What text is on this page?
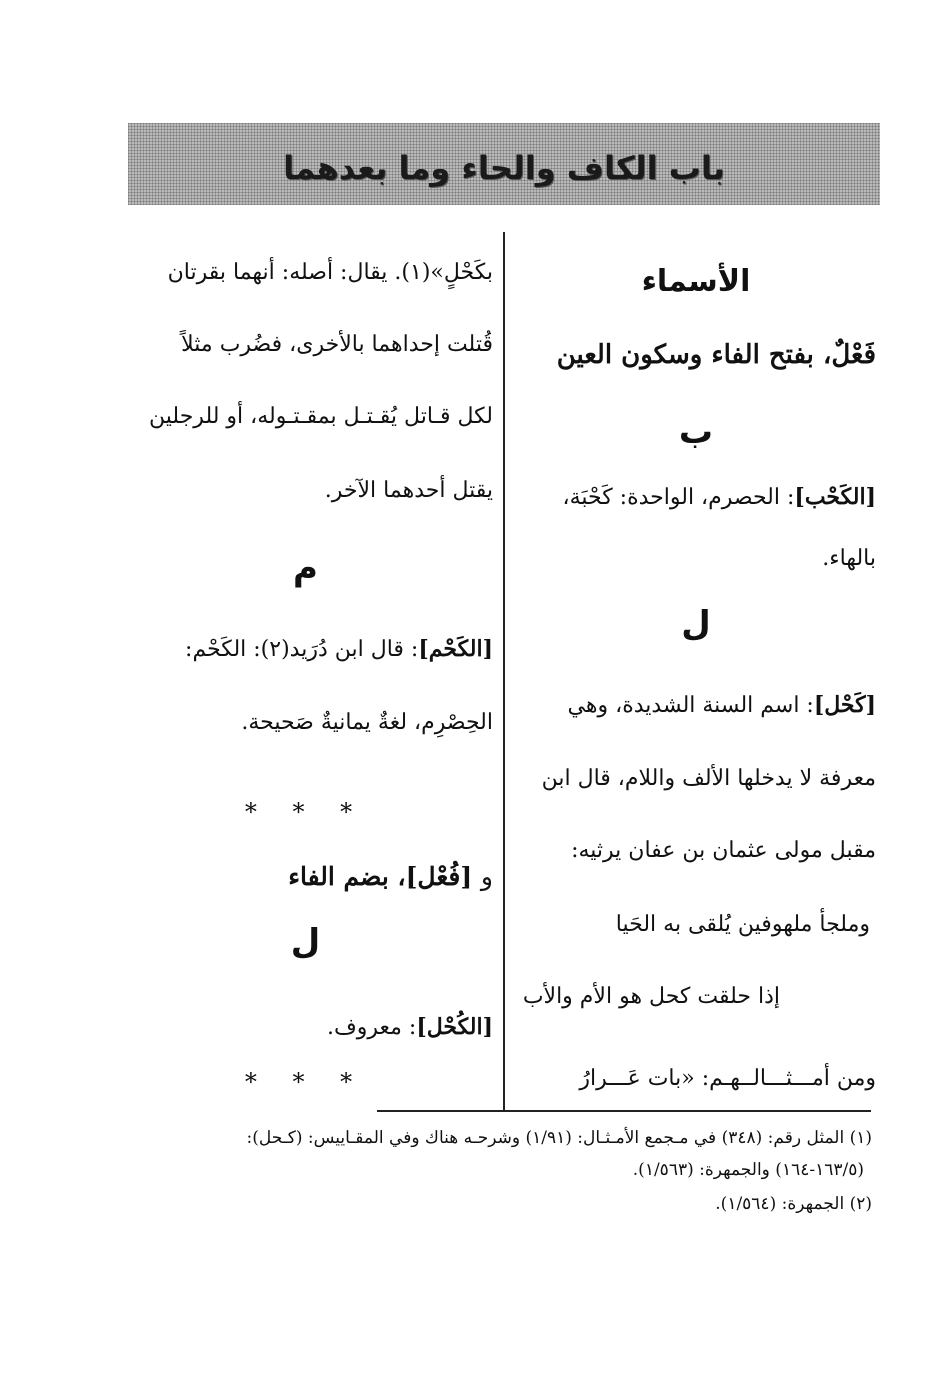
باب الكاف والحاء وما بعدهما
الأسماء
فَعْلٌ، بفتح الفاء وسكون العين
ب
[الكَحْب]: الحصرم، الواحدة: كَحْبَة،
بالهاء.
ل
[كَحْل]: اسم السنة الشديدة، وهي
معرفة لا يدخلها الألف واللام، قال ابن
مقبل مولى عثمان بن عفان يرثيه:
وملجأ ملهوفين يُلقى به الحَيا
إذا حلقت كحل هو الأم والأب
ومن أمـــثـــالــهـم: «بات عَـــرارُ
بكَحْلٍ»(١). يقال: أصله: أنهما بقرتان
قُتلت إحداهما بالأخرى، فضُرب مثلاً
لكل قـاتل يُقـتـل بمقـتـوله، أو للرجلين
يقتل أحدهما الآخر.
م
[الكَحْم]: قال ابن دُرَيد(٢): الكَحْم:
الحِصْرِم، لغةٌ يمانيةٌ صَحيحة.
* * *
و [فُعْل]، بضم الفاء
ل
[الكُحْل]: معروف.
* * *
(١) المثل رقم: (٣٤٨) في مـجمع الأمـثـال: (١/٩١) وشرحـه هناك وفي المقـاييس: (كـحل):
(١٦٣/٥-١٦٤) والجمهرة: (١/٥٦٣).
(٢) الجمهرة: (١/٥٦٤).
